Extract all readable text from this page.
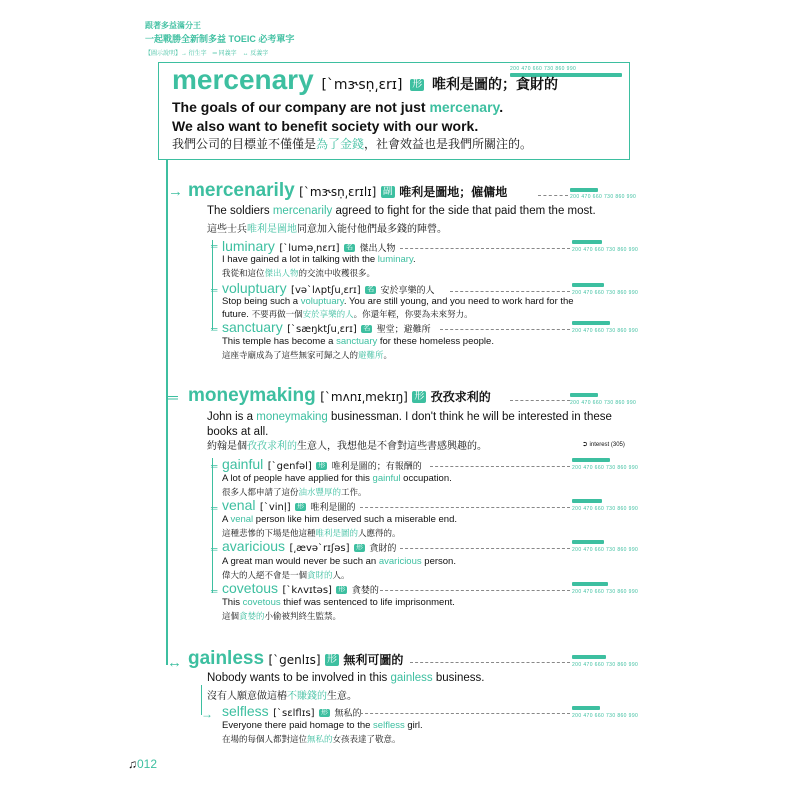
跟著多益滿分王
一起戰勝全新制多益 TOEIC 必考單字
【圖示說明】→ 衍生字　═ 同義字　↔ 反義字
200 470 660 730 860 990
mercenary [`mɝsṇ͵ɛrɪ] 形 唯利是圖的；貪財的
The goals of our company are not just mercenary.
We also want to benefit society with our work.
我們公司的目標並不僅僅是為了金錢，社會效益也是我們所關注的。
→ mercenarily [`mɝsṇ͵ɛrɪlɪ] 副 唯利是圖地；僱傭地	200 470 660 730 860 990
The soldiers mercenarily agreed to fight for the side that paid them the most.
這些士兵唯利是圖地同意加入能付他們最多錢的陣營。
═ luminary [`lumə͵nɛrɪ] 名 傑出人物	200 470 660 730 860 990
I have gained a lot in talking with the luminary.
我從和這位傑出人物的交流中收穫很多。
═ voluptuary [və`lʌptʃu͵ɛrɪ] 名 安於享樂的人	200 470 660 730 860 990
Stop being such a voluptuary. You are still young, and you need to work hard for the
future. 不要再做一個安於享樂的人。你還年輕，你要為未來努力。
═ sanctuary [`sæŋktʃu͵ɛrɪ] 名 聖堂；避難所	200 470 660 730 860 990
This temple has become a sanctuary for these homeless people.
這座寺廟成為了這些無家可歸之人的避難所。
═ moneymaking [`mʌnɪ͵mekɪŋ] 形 孜孜求利的	200 470 660 730 860 990
John is a moneymaking businessman. I don't think he will be interested in these
books at all.
約翰是個孜孜求利的生意人，我想他是不會對這些書感興趣的。	➲ interest (305)
═ gainful [`genfəl] 形 唯利是圖的；有報酬的	200 470 660 730 860 990
A lot of people have applied for this gainful occupation.
很多人都申請了這份油水豐厚的工作。
═ venal [`vinḷ] 形 唯利是圖的	200 470 660 730 860 990
A venal person like him deserved such a miserable end.
這種悲慘的下場是他這種唯利是圖的人應得的。
═ avaricious [͵ævə`rɪʃəs] 形 貪財的	200 470 660 730 860 990
A great man would never be such an avaricious person.
偉大的人絕不會是一個貪財的人。
═ covetous [`kʌvɪtəs] 形 貪婪的	200 470 660 730 860 990
This covetous thief was sentenced to life imprisonment.
這個貪婪的小偷被判終生監禁。
↔ gainless [`genlɪs] 形 無利可圖的	200 470 660 730 860 990
Nobody wants to be involved in this gainless business.
沒有人願意做這樁不賺錢的生意。
→ selfless [`sɛlflɪs] 形 無私的	200 470 660 730 860 990
Everyone there paid homage to the selfless girl.
在場的每個人都對這位無私的女孩表達了敬意。
♫012
